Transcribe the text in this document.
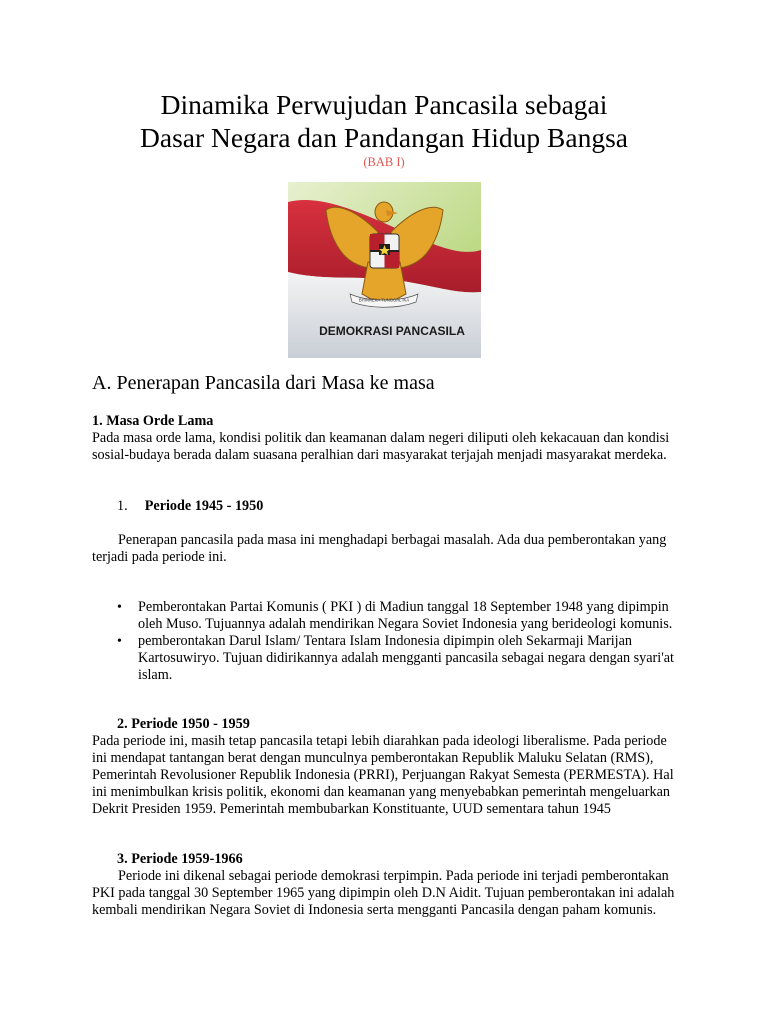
Dinamika Perwujudan Pancasila sebagai
Dasar Negara dan Pandangan Hidup Bangsa
(BAB I)
BHINNEKA TUNGGAL IKA
DEMOKRASI PANCASILA
A. Penerapan Pancasila dari Masa ke masa

1. Masa Orde Lama

Pada masa orde lama, kondisi politik dan keamanan dalam negeri diliputi oleh kekacauan dan kondisi sosial-budaya berada dalam suasana peralhian dari masyarakat terjajah menjadi masyarakat merdeka.

1. Periode 1945 - 1950

Penerapan pancasila pada masa ini menghadapi berbagai masalah. Ada dua pemberontakan yang terjadi pada periode ini.

• Pemberontakan Partai Komunis ( PKI ) di Madiun tanggal 18 September 1948 yang dipimpin oleh Muso. Tujuannya adalah mendirikan Negara Soviet Indonesia yang berideologi komunis.
• pemberontakan Darul Islam/ Tentara Islam Indonesia dipimpin oleh Sekarmaji Marijan Kartosuwiryo. Tujuan didirikannya adalah mengganti pancasila sebagai negara dengan syari'at islam.

2. Periode 1950 - 1959

Pada periode ini, masih tetap pancasila tetapi lebih diarahkan pada ideologi liberalisme. Pada periode ini mendapat tantangan berat dengan munculnya pemberontakan Republik Maluku Selatan (RMS), Pemerintah Revolusioner Republik Indonesia (PRRI), Perjuangan Rakyat Semesta (PERMESTA). Hal ini menimbulkan krisis politik, ekonomi dan keamanan yang menyebabkan pemerintah mengeluarkan Dekrit Presiden 1959. Pemerintah membubarkan Konstituante, UUD sementara tahun 1945

3. Periode 1959-1966

Periode ini dikenal sebagai periode demokrasi terpimpin. Pada periode ini terjadi pemberontakan PKI pada tanggal 30 September 1965 yang dipimpin oleh D.N Aidit. Tujuan pemberontakan ini adalah kembali mendirikan Negara Soviet di Indonesia serta mengganti Pancasila dengan paham komunis.
